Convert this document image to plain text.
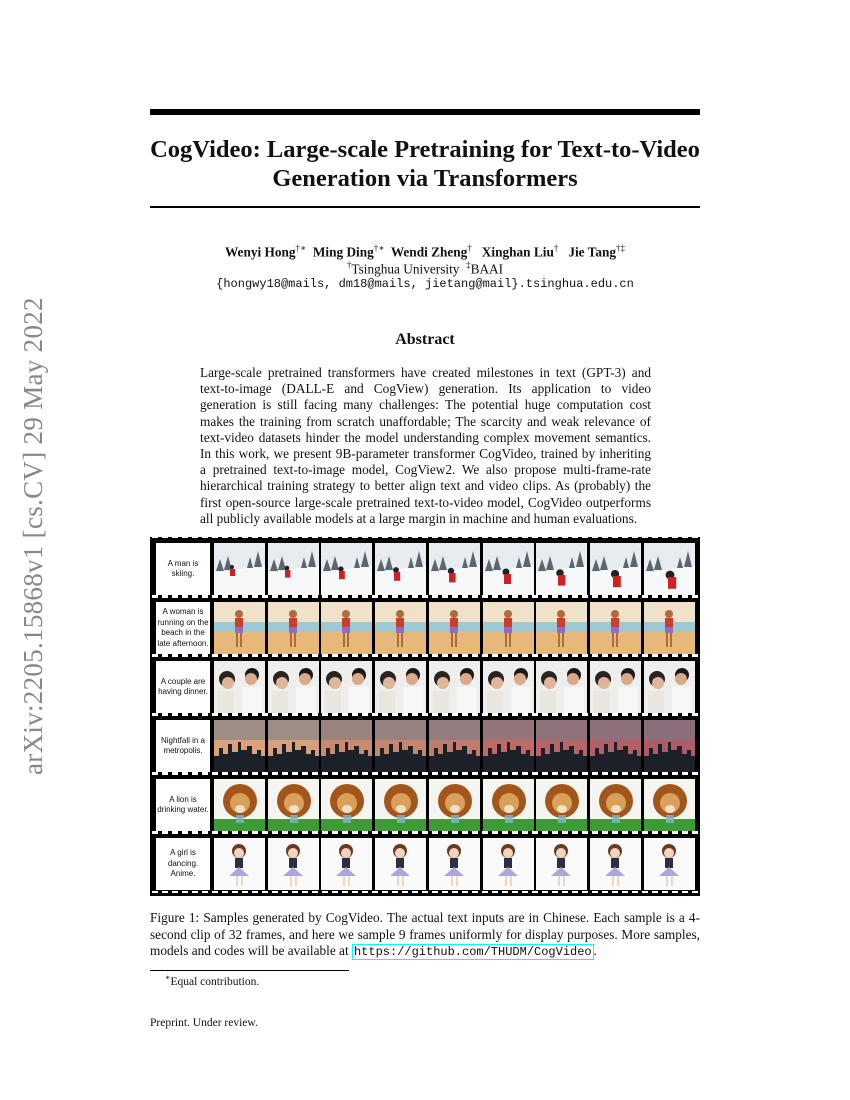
arXiv:2205.15868v1 [cs.CV] 29 May 2022
CogVideo: Large-scale Pretraining for Text-to-Video
Generation via Transformers
Wenyi Hong†∗ Ming Ding†∗ Wendi Zheng† Xinghan Liu† Jie Tang†‡
†Tsinghua University ‡BAAI
{hongwy18@mails, dm18@mails, jietang@mail}.tsinghua.edu.cn
Abstract
Large-scale pretrained transformers have created milestones in text (GPT-3) and text-to-image (DALL-E and CogView) generation. Its application to video generation is still facing many challenges: The potential huge computation cost makes the training from scratch unaffordable; The scarcity and weak relevance of text-video datasets hinder the model understanding complex movement semantics. In this work, we present 9B-parameter transformer CogVideo, trained by inheriting a pretrained text-to-image model, CogView2. We also propose multi-frame-rate hierarchical training strategy to better align text and video clips. As (probably) the first open-source large-scale pretrained text-to-video model, CogVideo outperforms all publicly available models at a large margin in machine and human evaluations.
A man is skiing.
A woman is running on the beach in the late afternoon.
A couple are having dinner.
Nightfall in a metropolis.
A lion is drinking water.
A girl is dancing. Anime.
Figure 1: Samples generated by CogVideo. The actual text inputs are in Chinese. Each sample is a 4-second clip of 32 frames, and here we sample 9 frames uniformly for display purposes. More samples, models and codes will be available at https://github.com/THUDM/CogVideo .
∗Equal contribution.
Preprint. Under review.
